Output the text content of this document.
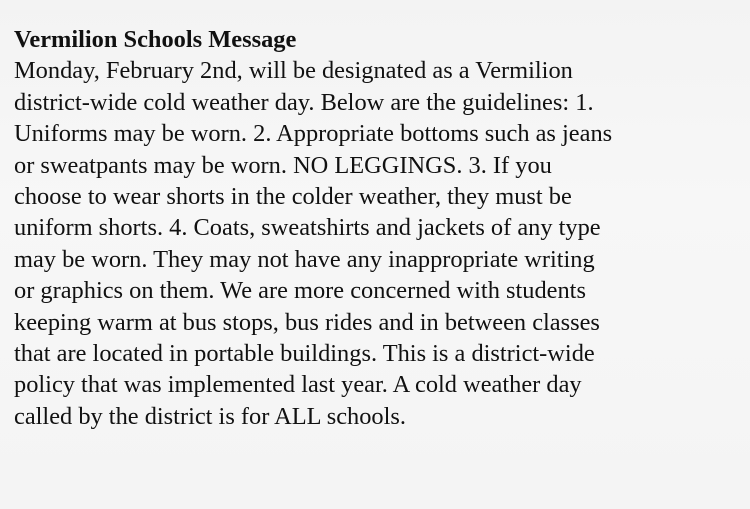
Vermilion Schools Message
Monday, February 2nd, will be designated as a Vermilion
district-wide cold weather day. Below are the guidelines: 1.
Uniforms may be worn. 2. Appropriate bottoms such as jeans
or sweatpants may be worn. NO LEGGINGS. 3. If you
choose to wear shorts in the colder weather, they must be
uniform shorts. 4. Coats, sweatshirts and jackets of any type
may be worn. They may not have any inappropriate writing
or graphics on them. We are more concerned with students
keeping warm at bus stops, bus rides and in between classes
that are located in portable buildings. This is a district-wide
policy that was implemented last year. A cold weather day
called by the district is for ALL schools.
